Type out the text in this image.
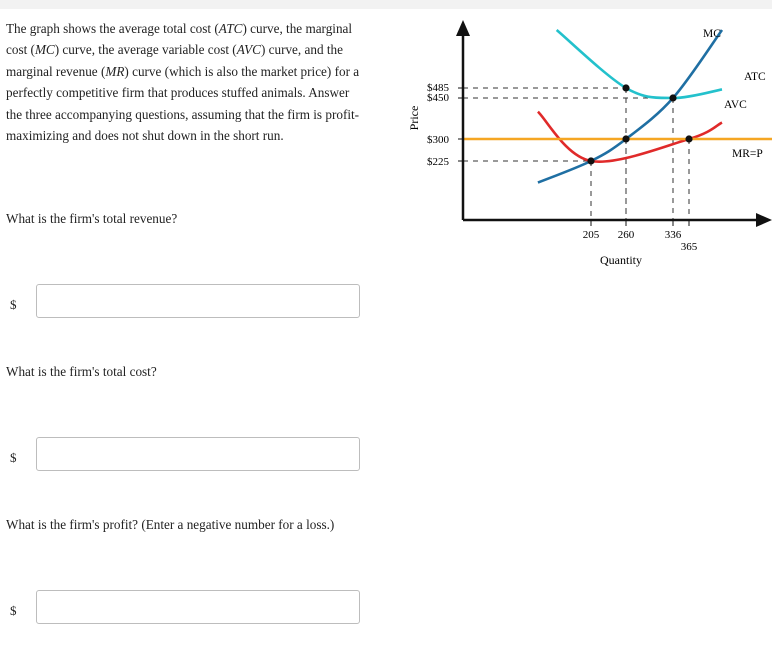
The graph shows the average total cost (ATC) curve, the marginal cost (MC) curve, the average variable cost (AVC) curve, and the marginal revenue (MR) curve (which is also the market price) for a perfectly competitive firm that produces stuffed animals. Answer the three accompanying questions, assuming that the firm is profit-maximizing and does not shut down in the short run.

What is the firm's total revenue?

$

What is the firm's total cost?

$

What is the firm's profit? (Enter a negative number for a loss.)

$
Price
Quantity
$485
$450
$300
$225
205 260	336
365
MC
ATC
AVC
MR=P
